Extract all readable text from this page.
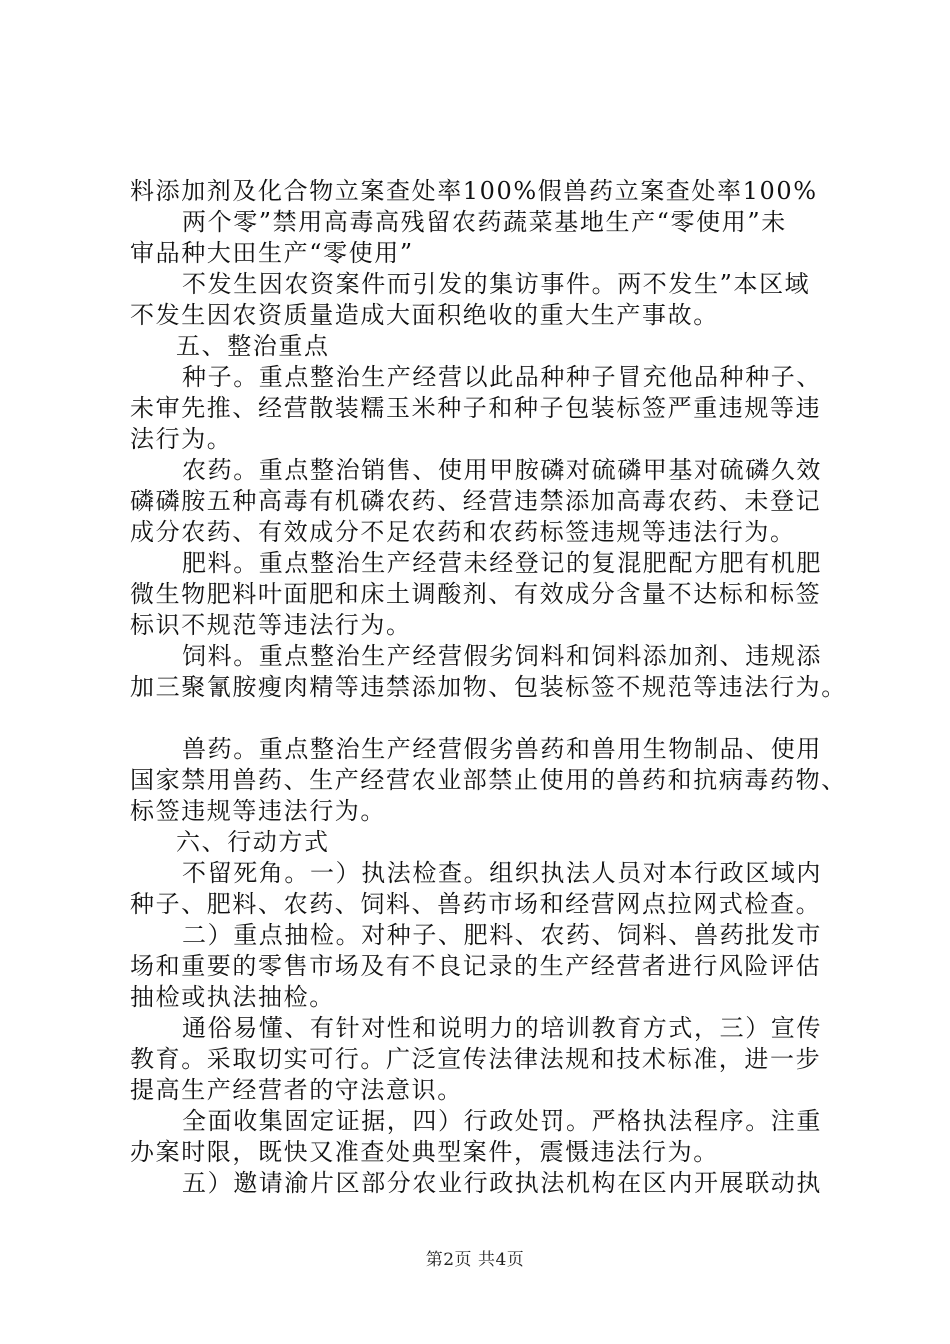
料添加剂及化合物立案查处率100%假兽药立案查处率100%
两个零”禁用高毒高残留农药蔬菜基地生产“零使用”未
审品种大田生产“零使用”
不发生因农资案件而引发的集访事件。两不发生”本区域
不发生因农资质量造成大面积绝收的重大生产事故。
五、整治重点
种子。重点整治生产经营以此品种种子冒充他品种种子、
未审先推、经营散装糯玉米种子和种子包装标签严重违规等违
法行为。
农药。重点整治销售、使用甲胺磷对硫磷甲基对硫磷久效
磷磷胺五种高毒有机磷农药、经营违禁添加高毒农药、未登记
成分农药、有效成分不足农药和农药标签违规等违法行为。
肥料。重点整治生产经营未经登记的复混肥配方肥有机肥
微生物肥料叶面肥和床土调酸剂、有效成分含量不达标和标签
标识不规范等违法行为。
饲料。重点整治生产经营假劣饲料和饲料添加剂、违规添
加三聚氰胺瘦肉精等违禁添加物、包装标签不规范等违法行为。
兽药。重点整治生产经营假劣兽药和兽用生物制品、使用
国家禁用兽药、生产经营农业部禁止使用的兽药和抗病毒药物、
标签违规等违法行为。
六、行动方式
不留死角。一）执法检查。组织执法人员对本行政区域内
种子、肥料、农药、饲料、兽药市场和经营网点拉网式检查。
二）重点抽检。对种子、肥料、农药、饲料、兽药批发市
场和重要的零售市场及有不良记录的生产经营者进行风险评估
抽检或执法抽检。
通俗易懂、有针对性和说明力的培训教育方式，三）宣传
教育。采取切实可行。广泛宣传法律法规和技术标准，进一步
提高生产经营者的守法意识。
全面收集固定证据，四）行政处罚。严格执法程序。注重
办案时限，既快又准查处典型案件，震慑违法行为。
五）邀请渝片区部分农业行政执法机构在区内开展联动执
第2页 共4页
